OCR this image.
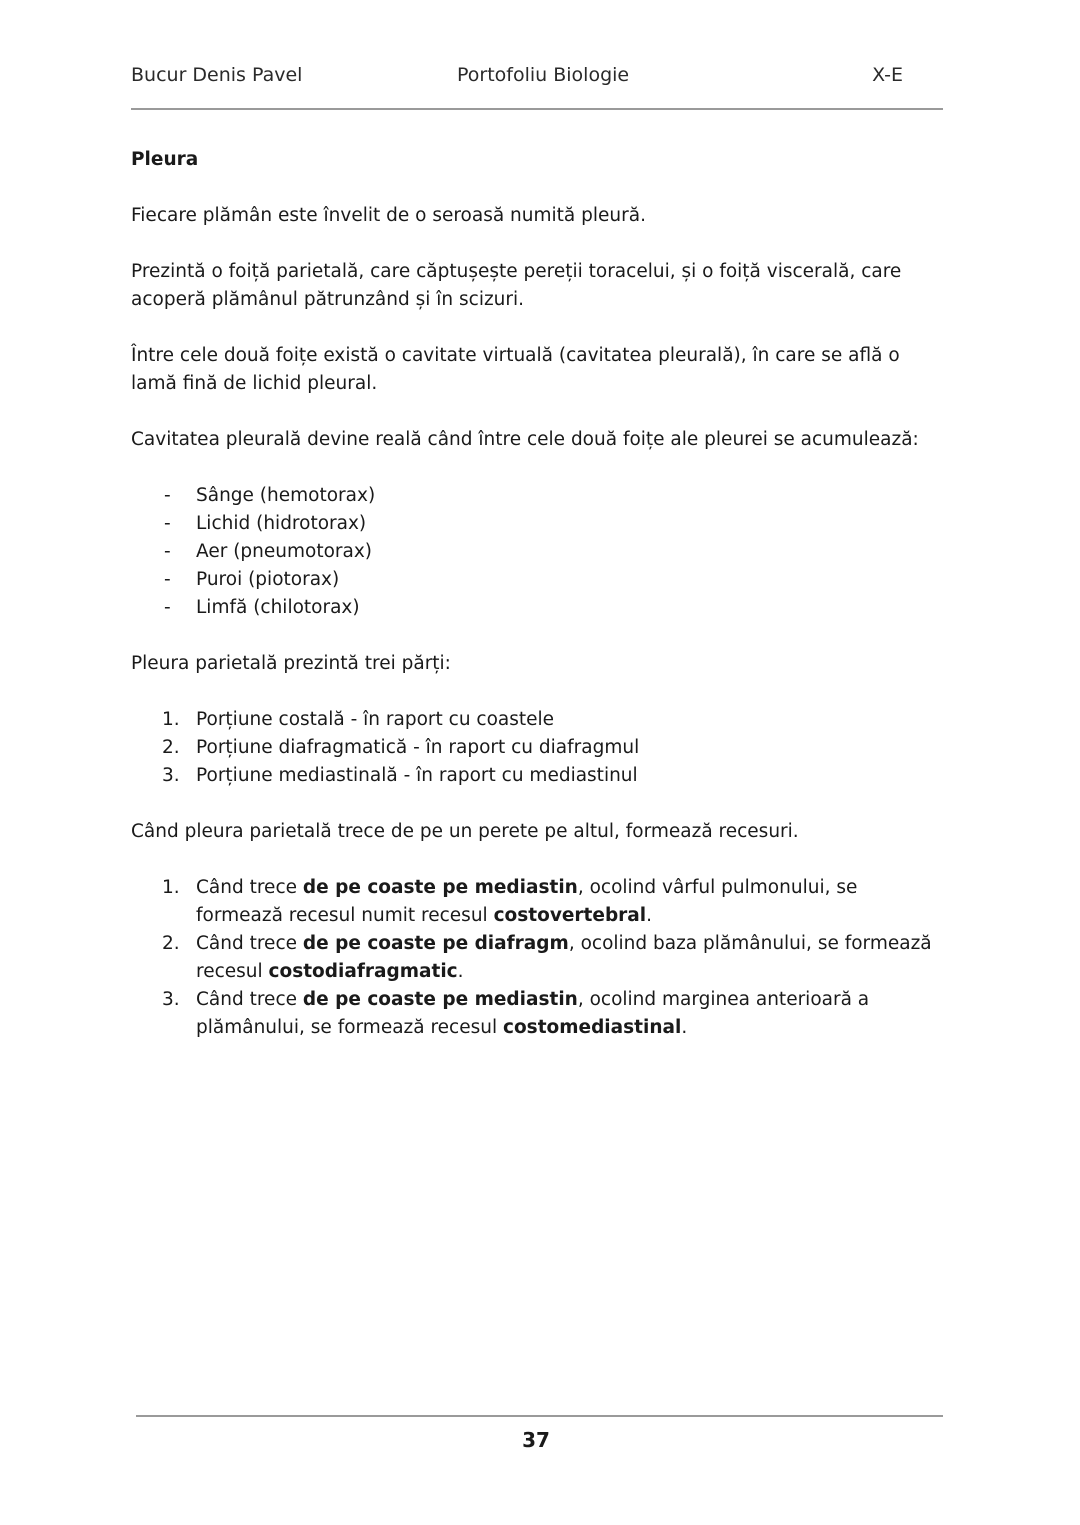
Bucur Denis Pavel	Portofoliu Biologie	X-E

Pleura

Fiecare plămân este învelit de o seroasă numită pleură.

Prezintă o foiță parietală, care căptușește pereții toracelui, și o foiță viscerală, care acoperă plămânul pătrunzând și în scizuri.

Între cele două foițe există o cavitate virtuală (cavitatea pleurală), în care se află o lamă fină de lichid pleural.

Cavitatea pleurală devine reală când între cele două foițe ale pleurei se acumulează:

- Sânge (hemotorax)
- Lichid (hidrotorax)
- Aer (pneumotorax)
- Puroi (piotorax)
- Limfă (chilotorax)

Pleura parietală prezintă trei părți:

1. Porțiune costală - în raport cu coastele
2. Porțiune diafragmatică - în raport cu diafragmul
3. Porțiune mediastinală - în raport cu mediastinul

Când pleura parietală trece de pe un perete pe altul, formează recesuri.

1. Când trece de pe coaste pe mediastin, ocolind vârful pulmonului, se formează recesul numit recesul costovertebral.
2. Când trece de pe coaste pe diafragm, ocolind baza plămânului, se formează recesul costodiafragmatic.
3. Când trece de pe coaste pe mediastin, ocolind marginea anterioară a plămânului, se formează recesul costomediastinal.
37
